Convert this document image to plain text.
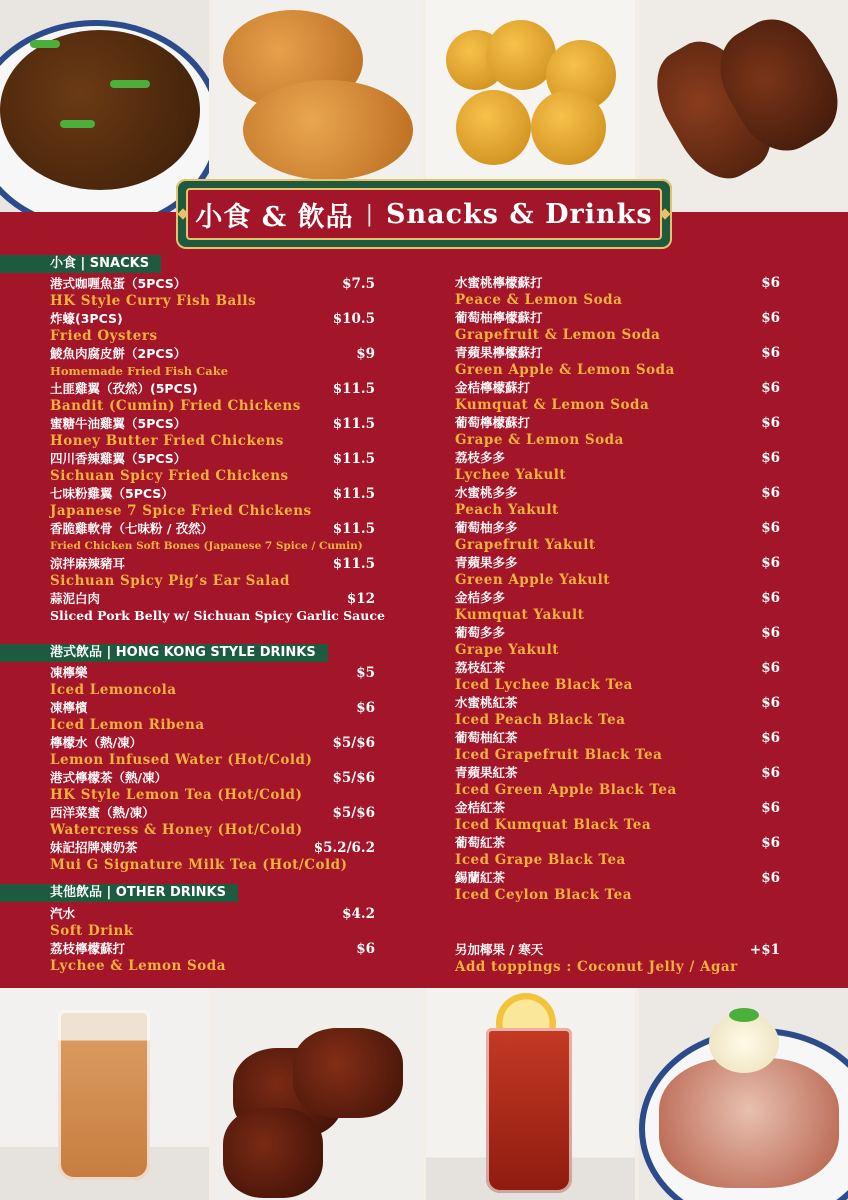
小食 & 飲品 | Snacks & Drinks
小食 | SNACKS
港式飲品 | HONG KONG STYLE DRINKS
其他飲品 | OTHER DRINKS
港式咖喱魚蛋（5PCS）	$7.5
HK Style Curry Fish Balls
炸蠔(3PCS)	$10.5
Fried Oysters
鯪魚肉腐皮餅（2PCS）	$9
Homemade Fried Fish Cake
土匪雞翼（孜然）(5PCS)	$11.5
Bandit (Cumin) Fried Chickens
蜜糖牛油雞翼（5PCS）	$11.5
Honey Butter Fried Chickens
四川香辣雞翼（5PCS）	$11.5
Sichuan Spicy Fried Chickens
七味粉雞翼（5PCS）	$11.5
Japanese 7 Spice Fried Chickens
香脆雞軟骨（七味粉 / 孜然）	$11.5
Fried Chicken Soft Bones (Japanese 7 Spice / Cumin)
涼拌麻辣豬耳	$11.5
Sichuan Spicy Pig’s Ear Salad
蒜泥白肉	$12
Sliced Pork Belly w/ Sichuan Spicy Garlic Sauce
凍檸樂	$5
Iced Lemoncola
凍檸檳	$6
Iced Lemon Ribena
檸檬水（熱/凍）	$5/$6
Lemon Infused Water (Hot/Cold)
港式檸檬茶（熱/凍）	$5/$6
HK Style Lemon Tea (Hot/Cold)
西洋菜蜜（熱/凍）	$5/$6
Watercress & Honey (Hot/Cold)
妹記招牌凍奶茶	$5.2/6.2
Mui G Signature Milk Tea (Hot/Cold)
汽水	$4.2
Soft Drink
荔枝檸檬蘇打	$6
Lychee & Lemon Soda
水蜜桃檸檬蘇打	$6
Peace & Lemon Soda
葡萄柚檸檬蘇打	$6
Grapefruit & Lemon Soda
青蘋果檸檬蘇打	$6
Green Apple & Lemon Soda
金桔檸檬蘇打	$6
Kumquat & Lemon Soda
葡萄檸檬蘇打	$6
Grape & Lemon Soda
荔枝多多	$6
Lychee Yakult
水蜜桃多多	$6
Peach Yakult
葡萄柚多多	$6
Grapefruit Yakult
青蘋果多多	$6
Green Apple Yakult
金桔多多	$6
Kumquat Yakult
葡萄多多	$6
Grape Yakult
荔枝紅茶	$6
Iced Lychee Black Tea
水蜜桃紅茶	$6
Iced Peach Black Tea
葡萄柚紅茶	$6
Iced Grapefruit Black Tea
青蘋果紅茶	$6
Iced Green Apple Black Tea
金桔紅茶	$6
Iced Kumquat Black Tea
葡萄紅茶	$6
Iced Grape Black Tea
錫蘭紅茶	$6
Iced Ceylon Black Tea
另加椰果 / 寒天	+$1
Add toppings : Coconut Jelly / Agar
